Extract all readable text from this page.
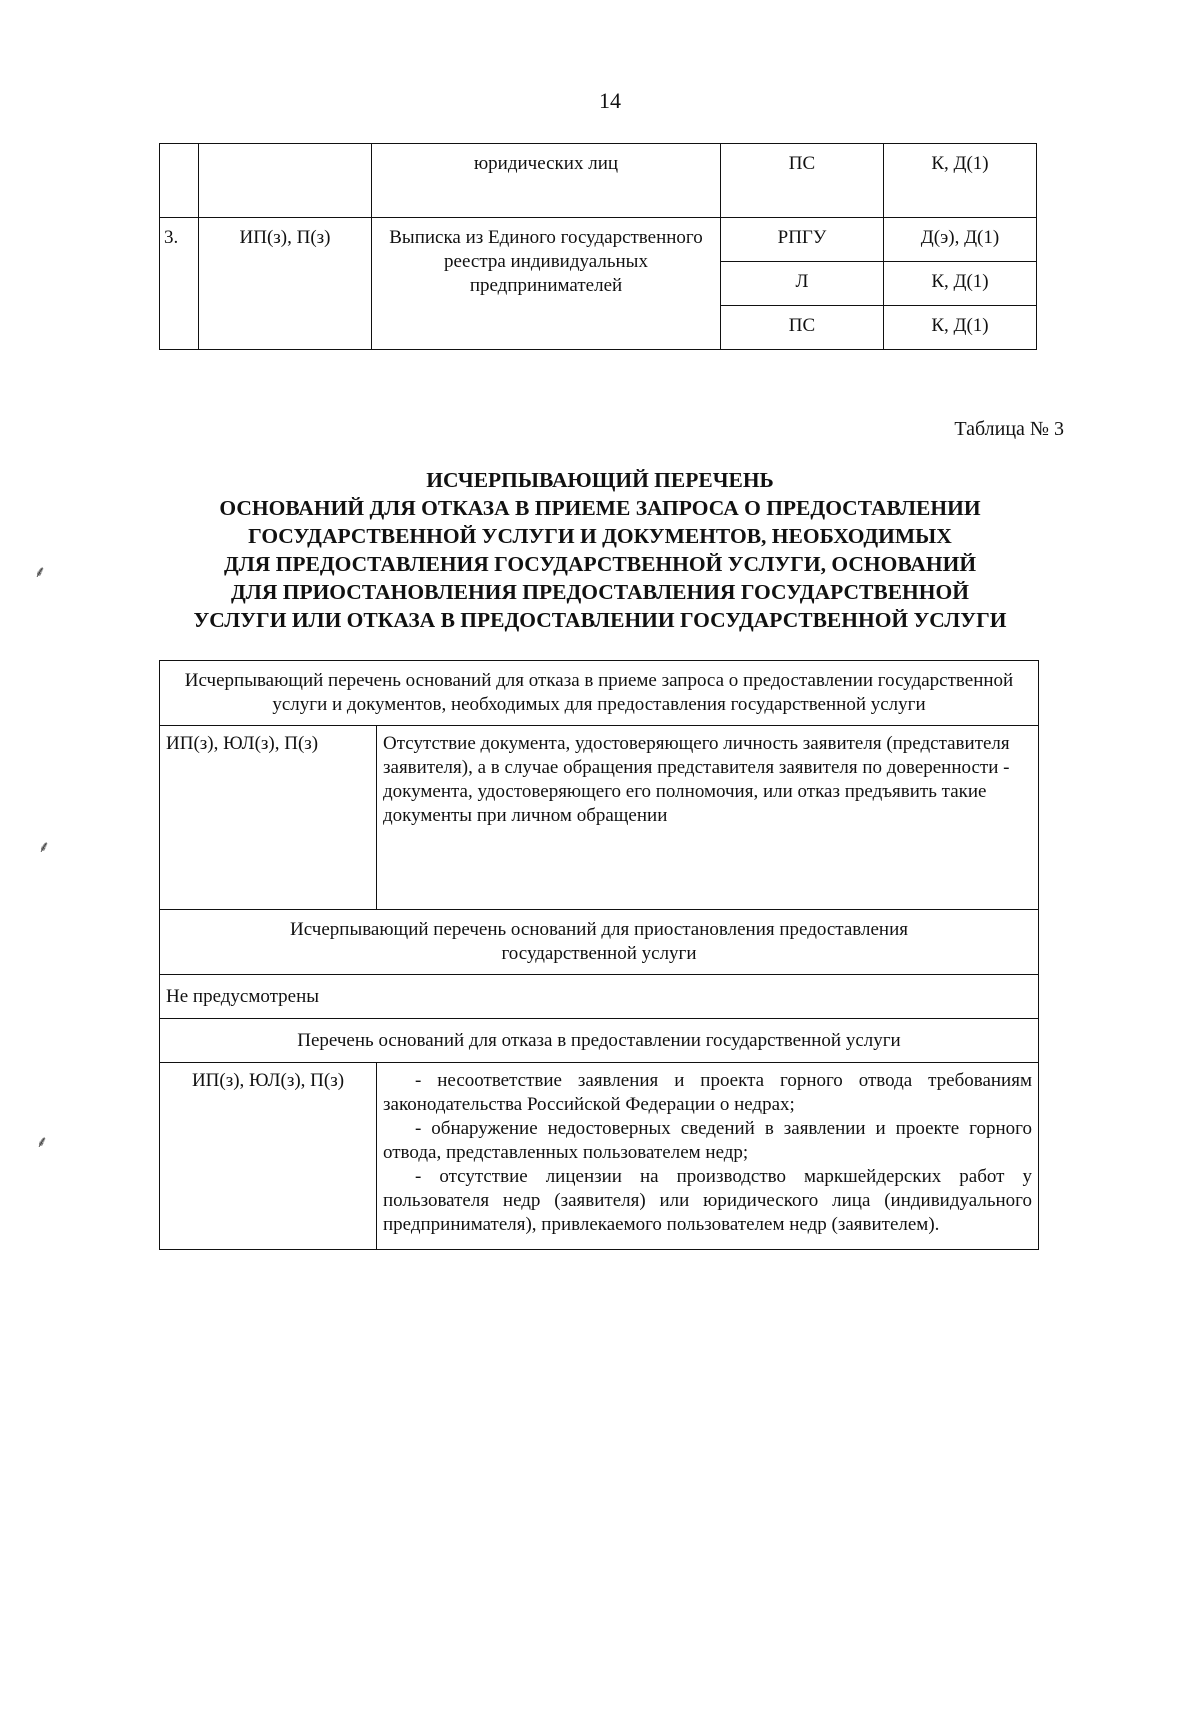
14
		юридических лиц	ПС	К, Д(1)
3.	ИП(з), П(з)	Выписка из Единого государственного реестра индивидуальных предпринимателей	РПГУ	Д(э), Д(1)
			Л	К, Д(1)
			ПС	К, Д(1)
Таблица № 3
ИСЧЕРПЫВАЮЩИЙ ПЕРЕЧЕНЬ
ОСНОВАНИЙ ДЛЯ ОТКАЗА В ПРИЕМЕ ЗАПРОСА О ПРЕДОСТАВЛЕНИИ
ГОСУДАРСТВЕННОЙ УСЛУГИ И ДОКУМЕНТОВ, НЕОБХОДИМЫХ
ДЛЯ ПРЕДОСТАВЛЕНИЯ ГОСУДАРСТВЕННОЙ УСЛУГИ, ОСНОВАНИЙ
ДЛЯ ПРИОСТАНОВЛЕНИЯ ПРЕДОСТАВЛЕНИЯ ГОСУДАРСТВЕННОЙ
УСЛУГИ ИЛИ ОТКАЗА В ПРЕДОСТАВЛЕНИИ ГОСУДАРСТВЕННОЙ УСЛУГИ
Исчерпывающий перечень оснований для отказа в приеме запроса о предоставлении государственной услуги и документов, необходимых для предоставления государственной услуги	
ИП(з), ЮЛ(з), П(з)	Отсутствие документа, удостоверяющего личность заявителя (представителя заявителя), а в случае обращения представителя заявителя по доверенности - документа, удостоверяющего его полномочия, или отказ предъявить такие документы при личном обращении
Исчерпывающий перечень оснований для приостановления предоставления государственной услуги	
Не предусмотрены	
Перечень оснований для отказа в предоставлении государственной услуги	
ИП(з), ЮЛ(з), П(з)	- несоответствие заявления и проекта горного отвода требованиям законодательства Российской Федерации о недрах;
- обнаружение недостоверных сведений в заявлении и проекте горного отвода, представленных пользователем недр;
- отсутствие лицензии на производство маркшейдерских работ у пользователя недр (заявителя) или юридического лица (индивидуального предпринимателя), привлекаемого пользователем недр (заявителем).
⸙
⸙
⸙
